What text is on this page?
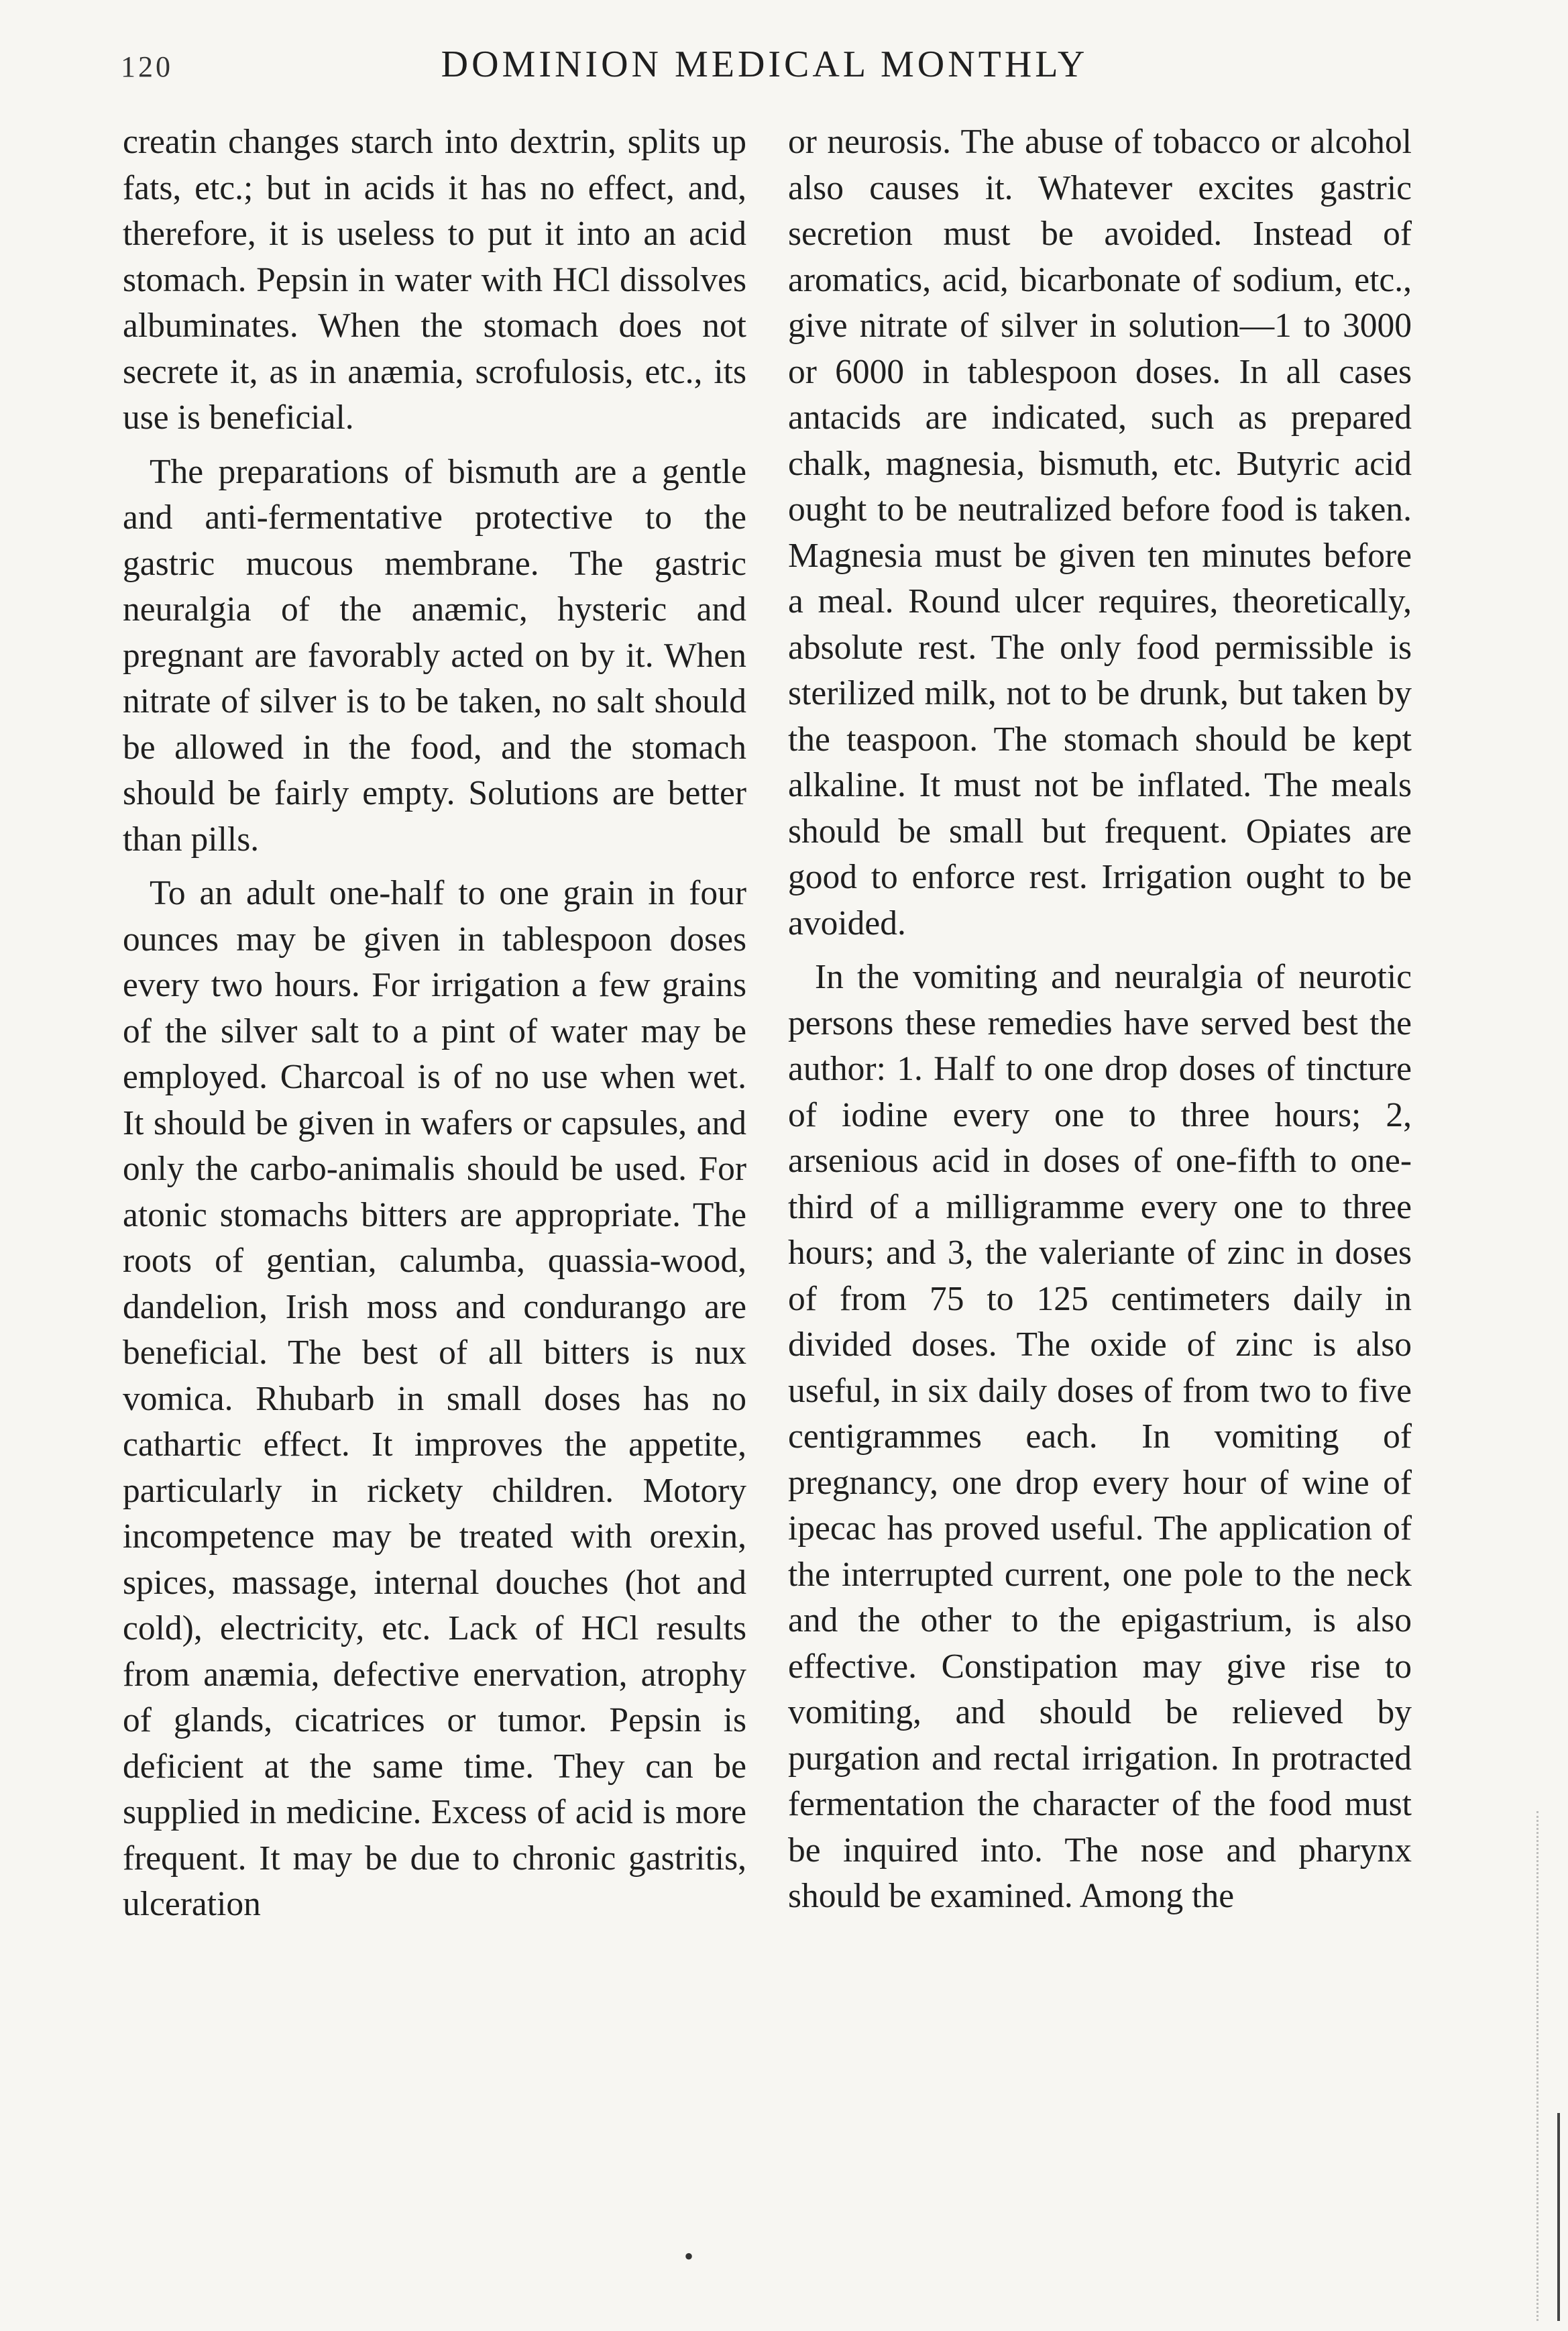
120	DOMINION MEDICAL MONTHLY

creatin changes starch into dextrin, splits up fats, etc.; but in acids it has no effect, and, therefore, it is useless to put it into an acid stomach. Pepsin in water with HCl dissolves albuminates. When the stomach does not secrete it, as in anæmia, scrofulosis, etc., its use is beneficial.

The preparations of bismuth are a gentle and anti-fermentative protective to the gastric mucous membrane. The gastric neuralgia of the anæmic, hysteric and pregnant are favorably acted on by it. When nitrate of silver is to be taken, no salt should be allowed in the food, and the stomach should be fairly empty. Solutions are better than pills.

To an adult one-half to one grain in four ounces may be given in tablespoon doses every two hours. For irrigation a few grains of the silver salt to a pint of water may be employed. Charcoal is of no use when wet. It should be given in wafers or capsules, and only the carbo-animalis should be used. For atonic stomachs bitters are appropriate. The roots of gentian, calumba, quassia-wood, dandelion, Irish moss and condurango are beneficial. The best of all bitters is nux vomica. Rhubarb in small doses has no cathartic effect. It improves the appetite, particularly in rickety children. Motory incompetence may be treated with orexin, spices, massage, internal douches (hot and cold), electricity, etc. Lack of HCl results from anæmia, defective enervation, atrophy of glands, cicatrices or tumor. Pepsin is deficient at the same time. They can be supplied in medicine. Excess of acid is more frequent. It may be due to chronic gastritis, ulceration

or neurosis. The abuse of tobacco or alcohol also causes it. Whatever excites gastric secretion must be avoided. Instead of aromatics, acid, bicarbonate of sodium, etc., give nitrate of silver in solution—1 to 3000 or 6000 in tablespoon doses. In all cases antacids are indicated, such as prepared chalk, magnesia, bismuth, etc. Butyric acid ought to be neutralized before food is taken. Magnesia must be given ten minutes before a meal. Round ulcer requires, theoretically, absolute rest. The only food permissible is sterilized milk, not to be drunk, but taken by the teaspoon. The stomach should be kept alkaline. It must not be inflated. The meals should be small but frequent. Opiates are good to enforce rest. Irrigation ought to be avoided.

In the vomiting and neuralgia of neurotic persons these remedies have served best the author: 1. Half to one drop doses of tincture of iodine every one to three hours; 2, arsenious acid in doses of one-fifth to one-third of a milligramme every one to three hours; and 3, the valeriante of zinc in doses of from 75 to 125 centimeters daily in divided doses. The oxide of zinc is also useful, in six daily doses of from two to five centigrammes each. In vomiting of pregnancy, one drop every hour of wine of ipecac has proved useful. The application of the interrupted current, one pole to the neck and the other to the epigastrium, is also effective. Constipation may give rise to vomiting, and should be relieved by purgation and rectal irrigation. In protracted fermentation the character of the food must be inquired into. The nose and pharynx should be examined. Among the

•
